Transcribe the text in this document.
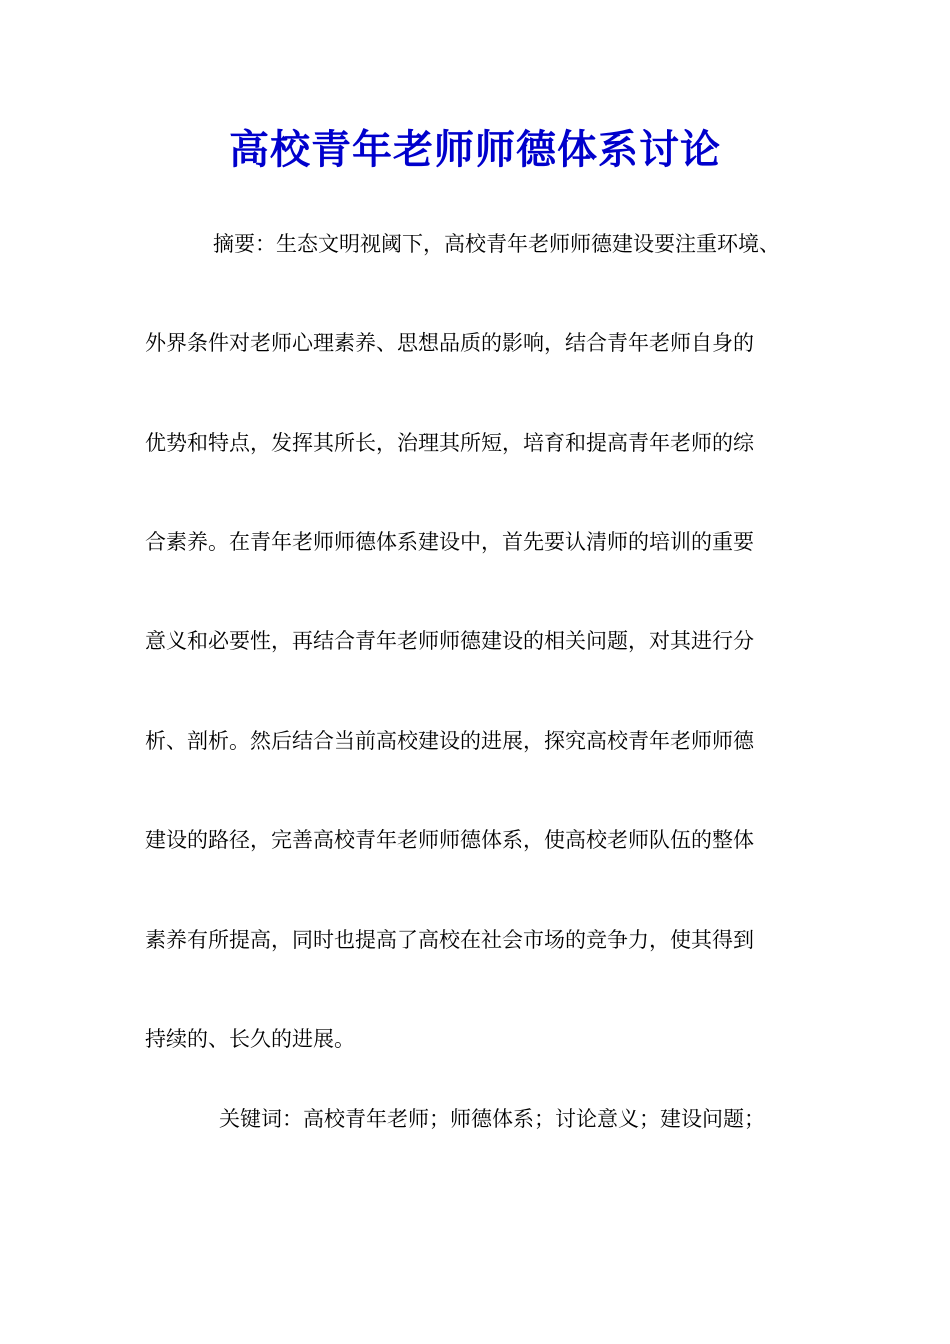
高校青年老师师德体系讨论
摘要：生态文明视阈下，高校青年老师师德建设要注重环境、
外界条件对老师心理素养、思想品质的影响，结合青年老师自身的
优势和特点，发挥其所长，治理其所短，培育和提高青年老师的综
合素养。在青年老师师德体系建设中，首先要认清师的培训的重要
意义和必要性，再结合青年老师师德建设的相关问题，对其进行分
析、剖析。然后结合当前高校建设的进展，探究高校青年老师师德
建设的路径，完善高校青年老师师德体系，使高校老师队伍的整体
素养有所提高，同时也提高了高校在社会市场的竞争力，使其得到
持续的、长久的进展。
关键词：高校青年老师；师德体系；讨论意义；建设问题；
